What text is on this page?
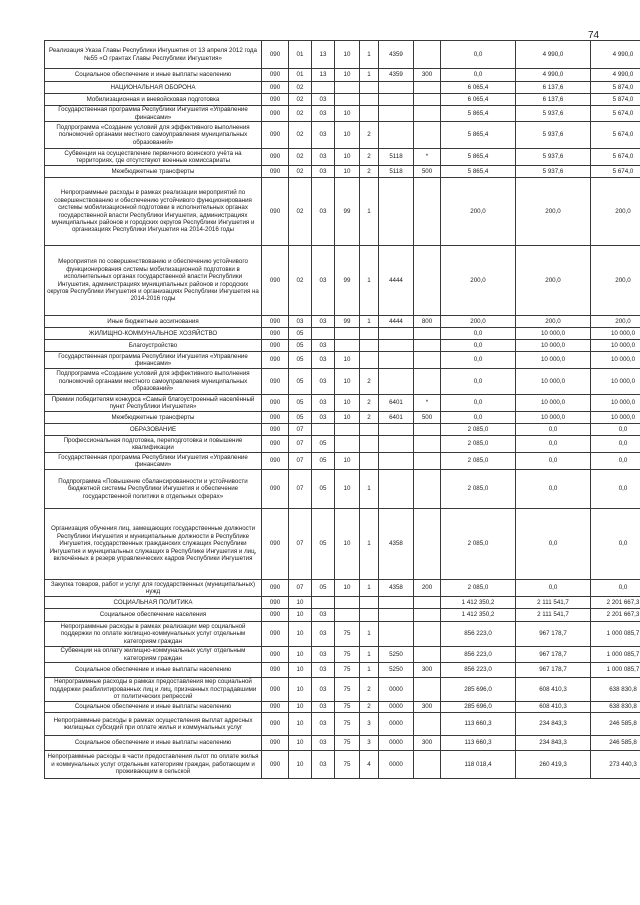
74
Реализация Указа Главы Республики Ингушетия от 13 апреля 2012 года №55 «О грантах Главы Республики Ингушетия»	090	01	13	10	1	4359		0,0	4 990,0	4 990,0
Социальное обеспечение и иные выплаты населению	090	01	13	10	1	4359	300	0,0	4 990,0	4 990,0
НАЦИОНАЛЬНАЯ ОБОРОНА	090	02						6 065,4	6 137,6	5 874,0
Мобилизационная и вневойсковая подготовка	090	02	03					6 065,4	6 137,6	5 874,0
Государственная программа Республики Ингушетия «Управление финансами»	090	02	03	10				5 865,4	5 937,6	5 674,0
Подпрограмма «Создание условий для эффективного выполнения полномочий органами местного самоуправления муниципальных образований»	090	02	03	10	2			5 865,4	5 937,6	5 674,0
Субвенции на осуществление первичного воинского учёта на территориях, где отсутствуют военные комиссариаты	090	02	03	10	2	5118	*	5 865,4	5 937,6	5 674,0
Межбюджетные трансферты	090	02	03	10	2	5118	500	5 865,4	5 937,6	5 674,0
Непрограммные расходы в рамках реализации мероприятий по совершенствованию и обеспечению устойчивого функционирования системы мобилизационной подготовки в исполнительных органах государственной власти Республики Ингушетия, администрациях муниципальных районов и городских округов Республики Ингушетия и организациях Республики Ингушетия на 2014-2016 годы	090	02	03	99	1			200,0	200,0	200,0
Мероприятия по совершенствованию и обеспечению устойчивого функционирования системы мобилизационной подготовки в исполнительных органах государственной власти Республики Ингушетия, администрациях муниципальных районов и городских округов Республики Ингушетия и организациях Республики Ингушетия на 2014-2016 годы	090	02	03	99	1	4444		200,0	200,0	200,0
Иные бюджетные ассигнования	090	03	03	99	1	4444	800	200,0	200,0	200,0
ЖИЛИЩНО-КОММУНАЛЬНОЕ ХОЗЯЙСТВО	090	05						0,0	10 000,0	10 000,0
Благоустройство	090	05	03					0,0	10 000,0	10 000,0
Государственная программа Республики Ингушетия «Управление финансами»	090	05	03	10				0,0	10 000,0	10 000,0
Подпрограмма «Создание условий для эффективного выполнения полномочий органами местного самоуправления муниципальных образований»	090	05	03	10	2			0,0	10 000,0	10 000,0
Премии победителям конкурса «Самый благоустроенный населённый пункт Республики Ингушетия»	090	05	03	10	2	6401	*	0,0	10 000,0	10 000,0
Межбюджетные трансферты	090	05	03	10	2	6401	500	0,0	10 000,0	10 000,0
ОБРАЗОВАНИЕ	090	07						2 085,0	0,0	0,0
Профессиональная подготовка, переподготовка и повышение квалификации	090	07	05					2 085,0	0,0	0,0
Государственная программа Республики Ингушетия «Управление финансами»	090	07	05	10				2 085,0	0,0	0,0
Подпрограмма «Повышение сбалансированности и устойчивости бюджетной системы Республики Ингушетия и обеспечение государственной политики в отдельных сферах»	090	07	05	10	1			2 085,0	0,0	0,0
Организация обучения лиц, замещающих государственные должности Республики Ингушетия и муниципальные должности в Республике Ингушетия, государственных гражданских служащих Республики Ингушетия и муниципальных служащих в Республике Ингушетия и лиц, включённых в резерв управленческих кадров Республики Ингушетия	090	07	05	10	1	4358		2 085,0	0,0	0,0
Закупка товаров, работ и услуг для государственных (муниципальных) нужд	090	07	05	10	1	4358	200	2 085,0	0,0	0,0
СОЦИАЛЬНАЯ ПОЛИТИКА	090	10						1 412 350,2	2 111 541,7	2 201 667,3
Социальное обеспечение населения	090	10	03					1 412 350,2	2 111 541,7	2 201 667,3
Непрограммные расходы в рамках реализации мер социальной поддержки по оплате жилищно-коммунальных услуг отдельным категориям граждан	090	10	03	75	1			856 223,0	967 178,7	1 000 085,7
Субвенции на оплату жилищно-коммунальных услуг отдельным категориям граждан	090	10	03	75	1	5250		856 223,0	967 178,7	1 000 085,7
Социальное обеспечение и иные выплаты населению	090	10	03	75	1	5250	300	856 223,0	967 178,7	1 000 085,7
Непрограммные расходы в рамках предоставления мер социальной поддержки реабилитированных лиц и лиц, признанных пострадавшими от политических репрессий	090	10	03	75	2	0000		285 696,0	608 410,3	638 830,8
Социальное обеспечение и иные выплаты населению	090	10	03	75	2	0000	300	285 696,0	608 410,3	638 830,8
Непрограммные расходы в рамках осуществления выплат адресных жилищных субсидий при оплате жилья и коммунальных услуг	090	10	03	75	3	0000		113 660,3	234 843,3	246 585,8
Социальное обеспечение и иные выплаты населению	090	10	03	75	3	0000	300	113 660,3	234 843,3	246 585,8
Непрограммные расходы в части предоставления льгот по оплате жилья и коммунальных услуг отдельным категориям граждан, работающим и проживающим в сельской	090	10	03	75	4	0000		118 018,4	260 419,3	273 440,3
